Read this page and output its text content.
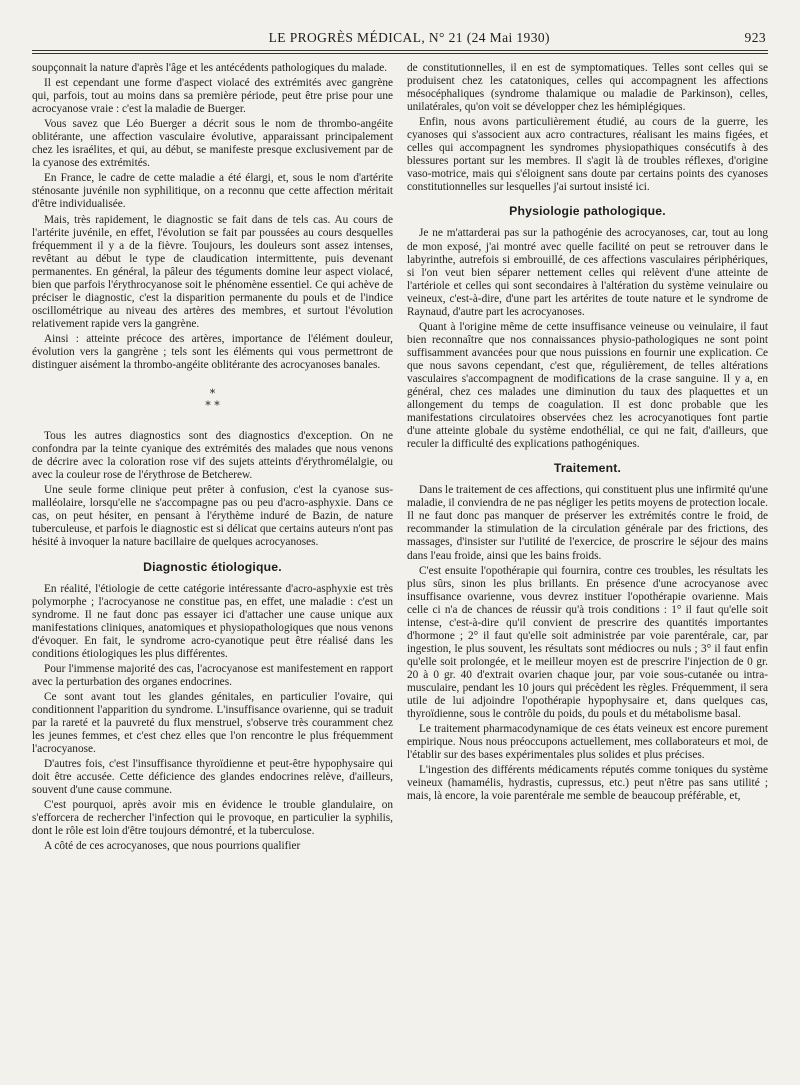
LE PROGRÈS MÉDICAL, N° 21 (24 Mai 1930)	923

soupçonnait la nature d'après l'âge et les antécédents pathologiques du malade.

Il est cependant une forme d'aspect violacé des extrémités avec gangrène qui, parfois, tout au moins dans sa première période, peut être prise pour une acrocyanose vraie : c'est la maladie de Buerger.

Vous savez que Léo Buerger a décrit sous le nom de thrombo-angéite oblitérante, une affection vasculaire évolutive, apparaissant principalement chez les israélites, et qui, au début, se manifeste presque exclusivement par de la cyanose des extrémités.

En France, le cadre de cette maladie a été élargi, et, sous le nom d'artérite sténosante juvénile non syphilitique, on a reconnu que cette affection méritait d'être individualisée.

Mais, très rapidement, le diagnostic se fait dans de tels cas. Au cours de l'artérite juvénile, en effet, l'évolution se fait par poussées au cours desquelles fréquemment il y a de la fièvre. Toujours, les douleurs sont assez intenses, revêtant au début le type de claudication intermittente, puis devenant permanentes. En général, la pâleur des téguments domine leur aspect violacé, bien que parfois l'érythrocyanose soit le phénomène essentiel. Ce qui achève de préciser le diagnostic, c'est la disparition permanente du pouls et de l'indice oscillométrique au niveau des artères des membres, et surtout l'évolution relativement rapide vers la gangrène.

Ainsi : atteinte précoce des artères, importance de l'élément douleur, évolution vers la gangrène ; tels sont les éléments qui vous permettront de distinguer aisément la thrombo-angéite oblitérante des acrocyanoses banales.

*
* *

Tous les autres diagnostics sont des diagnostics d'exception. On ne confondra par la teinte cyanique des extrémités des malades que nous venons de décrire avec la coloration rose vif des sujets atteints d'érythromélalgie, ou avec la couleur rose de l'érythrose de Betcherew.

Une seule forme clinique peut prêter à confusion, c'est la cyanose sus-malléolaire, lorsqu'elle ne s'accompagne pas ou peu d'acro-asphyxie. Dans ce cas, on peut hésiter, en pensant à l'érythème induré de Bazin, de nature tuberculeuse, et parfois le diagnostic est si délicat que certains auteurs n'ont pas hésité à invoquer la nature bacillaire de quelques acrocyanoses.

Diagnostic étiologique.

En réalité, l'étiologie de cette catégorie intéressante d'acro-asphyxie est très polymorphe ; l'acrocyanose ne constitue pas, en effet, une maladie : c'est un syndrome. Il ne faut donc pas essayer ici d'attacher une cause unique aux manifestations cliniques, anatomiques et physiopathologiques que nous venons d'évoquer. En fait, le syndrome acro-cyanotique peut être réalisé dans les conditions étiologiques les plus différentes.

Pour l'immense majorité des cas, l'acrocyanose est manifestement en rapport avec la perturbation des organes endocrines.

Ce sont avant tout les glandes génitales, en particulier l'ovaire, qui conditionnent l'apparition du syndrome. L'insuffisance ovarienne, qui se traduit par la rareté et la pauvreté du flux menstruel, s'observe très couramment chez les jeunes femmes, et c'est chez elles que l'on rencontre le plus fréquemment l'acrocyanose.

D'autres fois, c'est l'insuffisance thyroïdienne et peut-être hypophysaire qui doit être accusée. Cette déficience des glandes endocrines relève, d'ailleurs, souvent d'une cause commune.

C'est pourquoi, après avoir mis en évidence le trouble glandulaire, on s'efforcera de rechercher l'infection qui le provoque, en particulier la syphilis, dont le rôle est loin d'être toujours démontré, et la tuberculose.

A côté de ces acrocyanoses, que nous pourrions qualifier

de constitutionnelles, il en est de symptomatiques. Telles sont celles qui se produisent chez les catatoniques, celles qui accompagnent les affections mésocéphaliques (syndrome thalamique ou maladie de Parkinson), celles, unilatérales, qu'on voit se développer chez les hémiplégiques.

Enfin, nous avons particulièrement étudié, au cours de la guerre, les cyanoses qui s'associent aux acro contractures, réalisant les mains figées, et celles qui accompagnent les syndromes physiopathiques consécutifs à des blessures portant sur les membres. Il s'agit là de troubles réflexes, d'origine vaso-motrice, mais qui s'éloignent sans doute par certains points des cyanoses constitutionnelles sur lesquelles j'ai surtout insisté ici.

Physiologie pathologique.

Je ne m'attarderai pas sur la pathogénie des acrocyanoses, car, tout au long de mon exposé, j'ai montré avec quelle facilité on peut se retrouver dans le labyrinthe, autrefois si embrouillé, de ces affections vasculaires périphériques, si l'on veut bien séparer nettement celles qui relèvent d'une atteinte de l'artériole et celles qui sont secondaires à l'altération du système veinulaire ou veineux, c'est-à-dire, d'une part les artérites de toute nature et le syndrome de Raynaud, d'autre part les acrocyanoses.

Quant à l'origine même de cette insuffisance veineuse ou veinulaire, il faut bien reconnaître que nos connaissances physio-pathologiques ne sont point suffisamment avancées pour que nous puissions en fournir une explication. Ce que nous savons cependant, c'est que, régulièrement, de telles altérations vasculaires s'accompagnent de modifications de la crase sanguine. Il y a, en général, chez ces malades une diminution du taux des plaquettes et un allongement du temps de coagulation. Il est donc probable que les manifestations circulatoires observées chez les acrocyanotiques font partie d'une atteinte globale du système endothélial, ce qui ne fait, d'ailleurs, que reculer la difficulté des explications pathogéniques.

Traitement.

Dans le traitement de ces affections, qui constituent plus une infirmité qu'une maladie, il conviendra de ne pas négliger les petits moyens de protection locale. Il ne faut donc pas manquer de préserver les extrémités contre le froid, de recommander la stimulation de la circulation générale par des frictions, des massages, d'insister sur l'utilité de l'exercice, de proscrire le séjour des mains dans l'eau froide, ainsi que les bains froids.

C'est ensuite l'opothérapie qui fournira, contre ces troubles, les résultats les plus sûrs, sinon les plus brillants. En présence d'une acrocyanose avec insuffisance ovarienne, vous devrez instituer l'opothérapie ovarienne. Mais celle ci n'a de chances de réussir qu'à trois conditions : 1° il faut qu'elle soit intense, c'est-à-dire qu'il convient de prescrire des quantités importantes d'hormone ; 2° il faut qu'elle soit administrée par voie parentérale, car, par ingestion, le plus souvent, les résultats sont médiocres ou nuls ; 3° il faut enfin qu'elle soit prolongée, et le meilleur moyen est de prescrire l'injection de 0 gr. 20 à 0 gr. 40 d'extrait ovarien chaque jour, par voie sous-cutanée ou intra-musculaire, pendant les 10 jours qui précèdent les règles. Fréquemment, il sera utile de lui adjoindre l'opothérapie hypophysaire et, dans quelques cas, thyroïdienne, sous le contrôle du poids, du pouls et du métabolisme basal.

Le traitement pharmacodynamique de ces états veineux est encore purement empirique. Nous nous préoccupons actuellement, mes collaborateurs et moi, de l'établir sur des bases expérimentales plus solides et plus précises.

L'ingestion des différents médicaments réputés comme toniques du système veineux (hamamélis, hydrastis, cupressus, etc.) peut n'être pas sans utilité ; mais, là encore, la voie parentérale me semble de beaucoup préférable, et,
